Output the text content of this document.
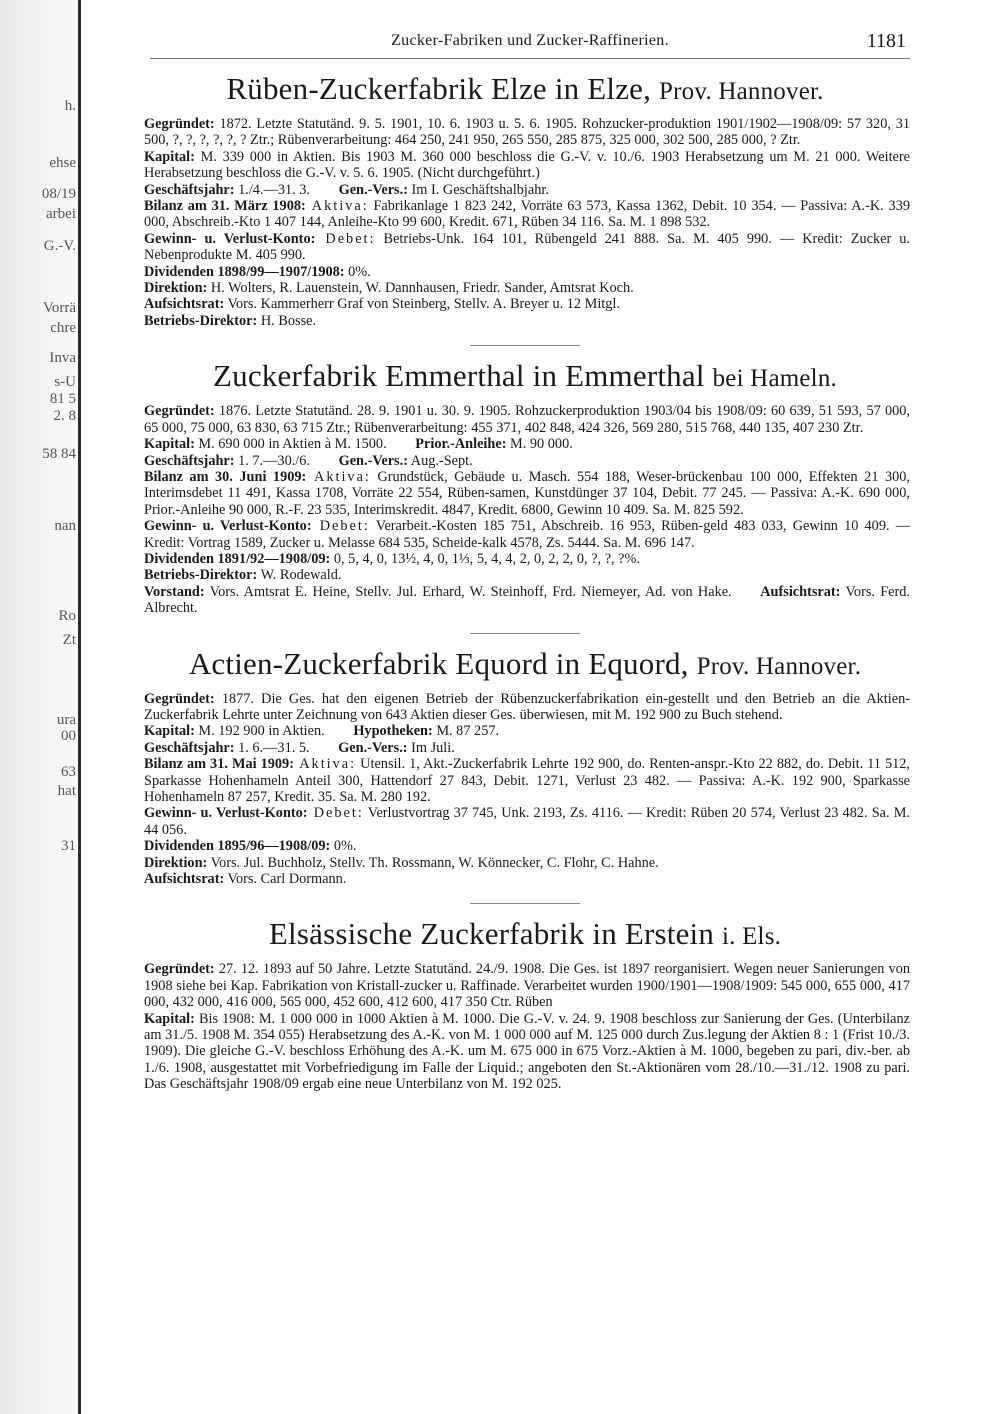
h.
ehse
08/19
arbei
G.-V.
Vorrä
chre
Inva
s-U
81 5
2. 8
58 84
nan
Ro
Zt
ura
00
63
hat
31
Zucker-Fabriken und Zucker-Raffinerien.	1181
Rüben-Zuckerfabrik Elze in Elze, Prov. Hannover.

Gegründet: 1872. Letzte Statutänd. 9. 5. 1901, 10. 6. 1903 u. 5. 6. 1905. Rohzucker-produktion 1901/1902—1908/09: 57 320, 31 500, ?, ?, ?, ?, ?, ? Ztr.; Rübenverarbeitung: 464 250, 241 950, 265 550, 285 875, 325 000, 302 500, 285 000, ? Ztr.

Kapital: M. 339 000 in Aktien. Bis 1903 M. 360 000 beschloss die G.-V. v. 10./6. 1903 Herabsetzung um M. 21 000. Weitere Herabsetzung beschloss die G.-V. v. 5. 6. 1905. (Nicht durchgeführt.)

Geschäftsjahr: 1./4.—31. 3.   Gen.-Vers.: Im I. Geschäftshalbjahr.

Bilanz am 31. März 1908: Aktiva: Fabrikanlage 1 823 242, Vorräte 63 573, Kassa 1362, Debit. 10 354. — Passiva: A.-K. 339 000, Abschreib.-Kto 1 407 144, Anleihe-Kto 99 600, Kredit. 671, Rüben 34 116. Sa. M. 1 898 532.

Gewinn- u. Verlust-Konto: Debet: Betriebs-Unk. 164 101, Rübengeld 241 888. Sa. M. 405 990. — Kredit: Zucker u. Nebenprodukte M. 405 990.

Dividenden 1898/99—1907/1908: 0%.

Direktion: H. Wolters, R. Lauenstein, W. Dannhausen, Friedr. Sander, Amtsrat Koch.

Aufsichtsrat: Vors. Kammerherr Graf von Steinberg, Stellv. A. Breyer u. 12 Mitgl.

Betriebs-Direktor: H. Bosse.

Zuckerfabrik Emmerthal in Emmerthal bei Hameln.

Gegründet: 1876. Letzte Statutänd. 28. 9. 1901 u. 30. 9. 1905. Rohzuckerproduktion 1903/04 bis 1908/09: 60 639, 51 593, 57 000, 65 000, 75 000, 63 830, 63 715 Ztr.; Rübenverarbeitung: 455 371, 402 848, 424 326, 569 280, 515 768, 440 135, 407 230 Ztr.

Kapital: M. 690 000 in Aktien à M. 1500.   Prior.-Anleihe: M. 90 000.

Geschäftsjahr: 1. 7.—30./6.   Gen.-Vers.: Aug.-Sept.

Bilanz am 30. Juni 1909: Aktiva: Grundstück, Gebäude u. Masch. 554 188, Weser-brückenbau 100 000, Effekten 21 300, Interimsdebet 11 491, Kassa 1708, Vorräte 22 554, Rüben-samen, Kunstdünger 37 104, Debit. 77 245. — Passiva: A.-K. 690 000, Prior.-Anleihe 90 000, R.-F. 23 535, Interimskredit. 4847, Kredit. 6800, Gewinn 10 409. Sa. M. 825 592.

Gewinn- u. Verlust-Konto: Debet: Verarbeit.-Kosten 185 751, Abschreib. 16 953, Rüben-geld 483 033, Gewinn 10 409. — Kredit: Vortrag 1589, Zucker u. Melasse 684 535, Scheide-kalk 4578, Zs. 5444. Sa. M. 696 147.

Dividenden 1891/92—1908/09: 0, 5, 4, 0, 13½, 4, 0, 1⅓, 5, 4, 4, 2, 0, 2, 2, 0, ?, ?, ?%.

Betriebs-Direktor: W. Rodewald.

Vorstand: Vors. Amtsrat E. Heine, Stellv. Jul. Erhard, W. Steinhoff, Frd. Niemeyer, Ad. von Hake.   Aufsichtsrat: Vors. Ferd. Albrecht.

Actien-Zuckerfabrik Equord in Equord, Prov. Hannover.

Gegründet: 1877. Die Ges. hat den eigenen Betrieb der Rübenzuckerfabrikation ein-gestellt und den Betrieb an die Aktien-Zuckerfabrik Lehrte unter Zeichnung von 643 Aktien dieser Ges. überwiesen, mit M. 192 900 zu Buch stehend.

Kapital: M. 192 900 in Aktien.   Hypotheken: M. 87 257.

Geschäftsjahr: 1. 6.—31. 5.   Gen.-Vers.: Im Juli.

Bilanz am 31. Mai 1909: Aktiva: Utensil. 1, Akt.-Zuckerfabrik Lehrte 192 900, do. Renten-anspr.-Kto 22 882, do. Debit. 11 512, Sparkasse Hohenhameln Anteil 300, Hattendorf 27 843, Debit. 1271, Verlust 23 482. — Passiva: A.-K. 192 900, Sparkasse Hohenhameln 87 257, Kredit. 35. Sa. M. 280 192.

Gewinn- u. Verlust-Konto: Debet: Verlustvortrag 37 745, Unk. 2193, Zs. 4116. — Kredit: Rüben 20 574, Verlust 23 482. Sa. M. 44 056.

Dividenden 1895/96—1908/09: 0%.

Direktion: Vors. Jul. Buchholz, Stellv. Th. Rossmann, W. Könnecker, C. Flohr, C. Hahne.

Aufsichtsrat: Vors. Carl Dormann.

Elsässische Zuckerfabrik in Erstein i. Els.

Gegründet: 27. 12. 1893 auf 50 Jahre. Letzte Statutänd. 24./9. 1908. Die Ges. ist 1897 reorganisiert. Wegen neuer Sanierungen von 1908 siehe bei Kap. Fabrikation von Kristall-zucker u. Raffinade. Verarbeitet wurden 1900/1901—1908/1909: 545 000, 655 000, 417 000, 432 000, 416 000, 565 000, 452 600, 412 600, 417 350 Ctr. Rüben

Kapital: Bis 1908: M. 1 000 000 in 1000 Aktien à M. 1000. Die G.-V. v. 24. 9. 1908 beschloss zur Sanierung der Ges. (Unterbilanz am 31./5. 1908 M. 354 055) Herabsetzung des A.-K. von M. 1 000 000 auf M. 125 000 durch Zus.legung der Aktien 8 : 1 (Frist 10./3. 1909). Die gleiche G.-V. beschloss Erhöhung des A.-K. um M. 675 000 in 675 Vorz.-Aktien à M. 1000, begeben zu pari, div.-ber. ab 1./6. 1908, ausgestattet mit Vorbefriedigung im Falle der Liquid.; angeboten den St.-Aktionären vom 28./10.—31./12. 1908 zu pari. Das Geschäftsjahr 1908/09 ergab eine neue Unterbilanz von M. 192 025.
